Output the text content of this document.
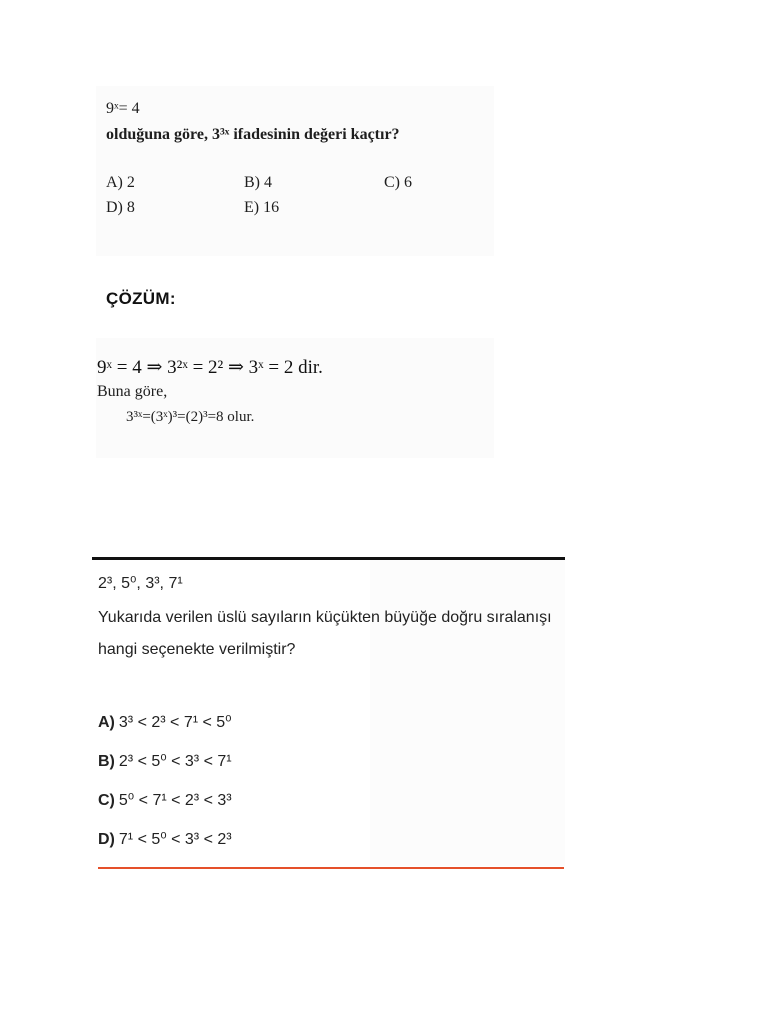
9ˣ= 4
olduğuna göre, 3³ˣ ifadesinin değeri kaçtır?
A) 2	B) 4	C) 6
D) 8	E) 16
ÇÖZÜM:
9ˣ = 4 ⇒ 3²ˣ = 2² ⇒ 3ˣ = 2 dir.
Buna göre,
3³ˣ=(3ˣ)³=(2)³=8 olur.
2³, 5⁰, 3³, 7¹
Yukarıda verilen üslü sayıların küçükten büyüğe doğru sıralanışı
hangi seçenekte verilmiştir?
A) 3³ < 2³ < 7¹ < 5⁰
B) 2³ < 5⁰ < 3³ < 7¹
C) 5⁰ < 7¹ < 2³ < 3³
D) 7¹ < 5⁰ < 3³ < 2³
